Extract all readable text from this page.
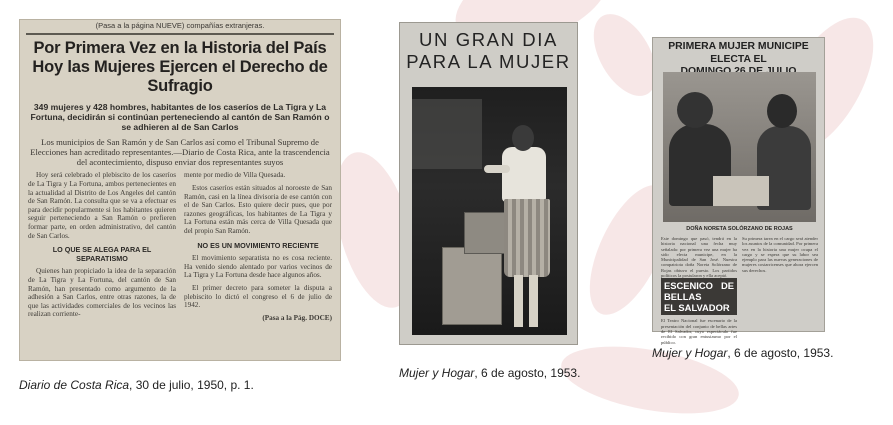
(Pasa a la página NUEVE) compañías extranjeras.
Por Primera Vez en la Historia del País Hoy las Mujeres Ejercen el Derecho de Sufragio
349 mujeres y 428 hombres, habitantes de los caseríos de La Tigra y La Fortuna, decidirán si continúan perteneciendo al cantón de San Ramón o se adhieren al de San Carlos
Los municipios de San Ramón y de San Carlos así como el Tribunal Supremo de Elecciones han acreditado representantes.—Diario de Costa Rica, ante la trascendencia del acontecimiento, dispuso enviar dos representantes suyos

Hoy será celebrado el plebiscito de los caseríos de La Tigra y La Fortuna, ambos pertenecientes en la actualidad al Distrito de Los Angeles del cantón de San Ramón. La consulta que se va a efectuar es para decidir popularmente si los habitantes quieren seguir perteneciendo a San Ramón o prefieren formar parte, en orden administrativo, del cantón de San Carlos.

LO QUE SE ALEGA PARA EL SEPARATISMO

Quienes han propiciado la idea de la separación de La Tigra y La Fortuna, del cantón de San Ramón, han presentado como argumento de la adhesión a San Carlos, entre otras razones, la de que las actividades comerciales de los vecinos las realizan corriente-

mente por medio de Villa Quesada.

Estos caseríos están situados al noroeste de San Ramón, casi en la línea divisoria de ese cantón con el de San Carlos. Esto quiere decir pues, que por razones geográficas, los habitantes de La Tigra y La Fortuna están más cerca de Villa Quesada que del propio San Ramón.

NO ES UN MOVIMIENTO RECIENTE

El movimiento separatista no es cosa reciente. Ha venido siendo alentado por varios vecinos de La Tigra y La Fortuna desde hace algunos años.

El primer decreto para someter la disputa a plebiscito lo dictó el congreso el 6 de julio de 1942.

(Pasa a la Pág. DOCE)

UN GRAN DIA
PARA LA MUJER
PRIMERA MUJER MUNICIPE ELECTA EL
DOÑA NORETA SOLÓRZANO DE ROJAS
Este domingo que pasó, tendrá en la historia nacional una fecha muy señalada: por primera vez una mujer ha sido electa municipe, en la Municipalidad de San José. Nuestra compatriota doña Noreta Solórzano de Rojas obtuvo el puesto. Los partidos políticos la postularon y ella aceptó.
ESCENICO DE BELLAS
EL SALVADOR
El Teatro Nacional fue escenario de la presentación del conjunto de bellas artes de El Salvador, cuyo espectáculo fue recibido con gran entusiasmo por el público.
Su primera tarea en el cargo será atender los asuntos de la comunidad. Por primera vez en la historia una mujer ocupa el cargo y se espera que su labor sea ejemplo para las nuevas generaciones de mujeres costarricenses que ahora ejercen sus derechos.
Diario de Costa Rica, 30 de julio, 1950, p. 1.
Mujer y Hogar, 6 de agosto, 1953.
Mujer y Hogar, 6 de agosto, 1953.
